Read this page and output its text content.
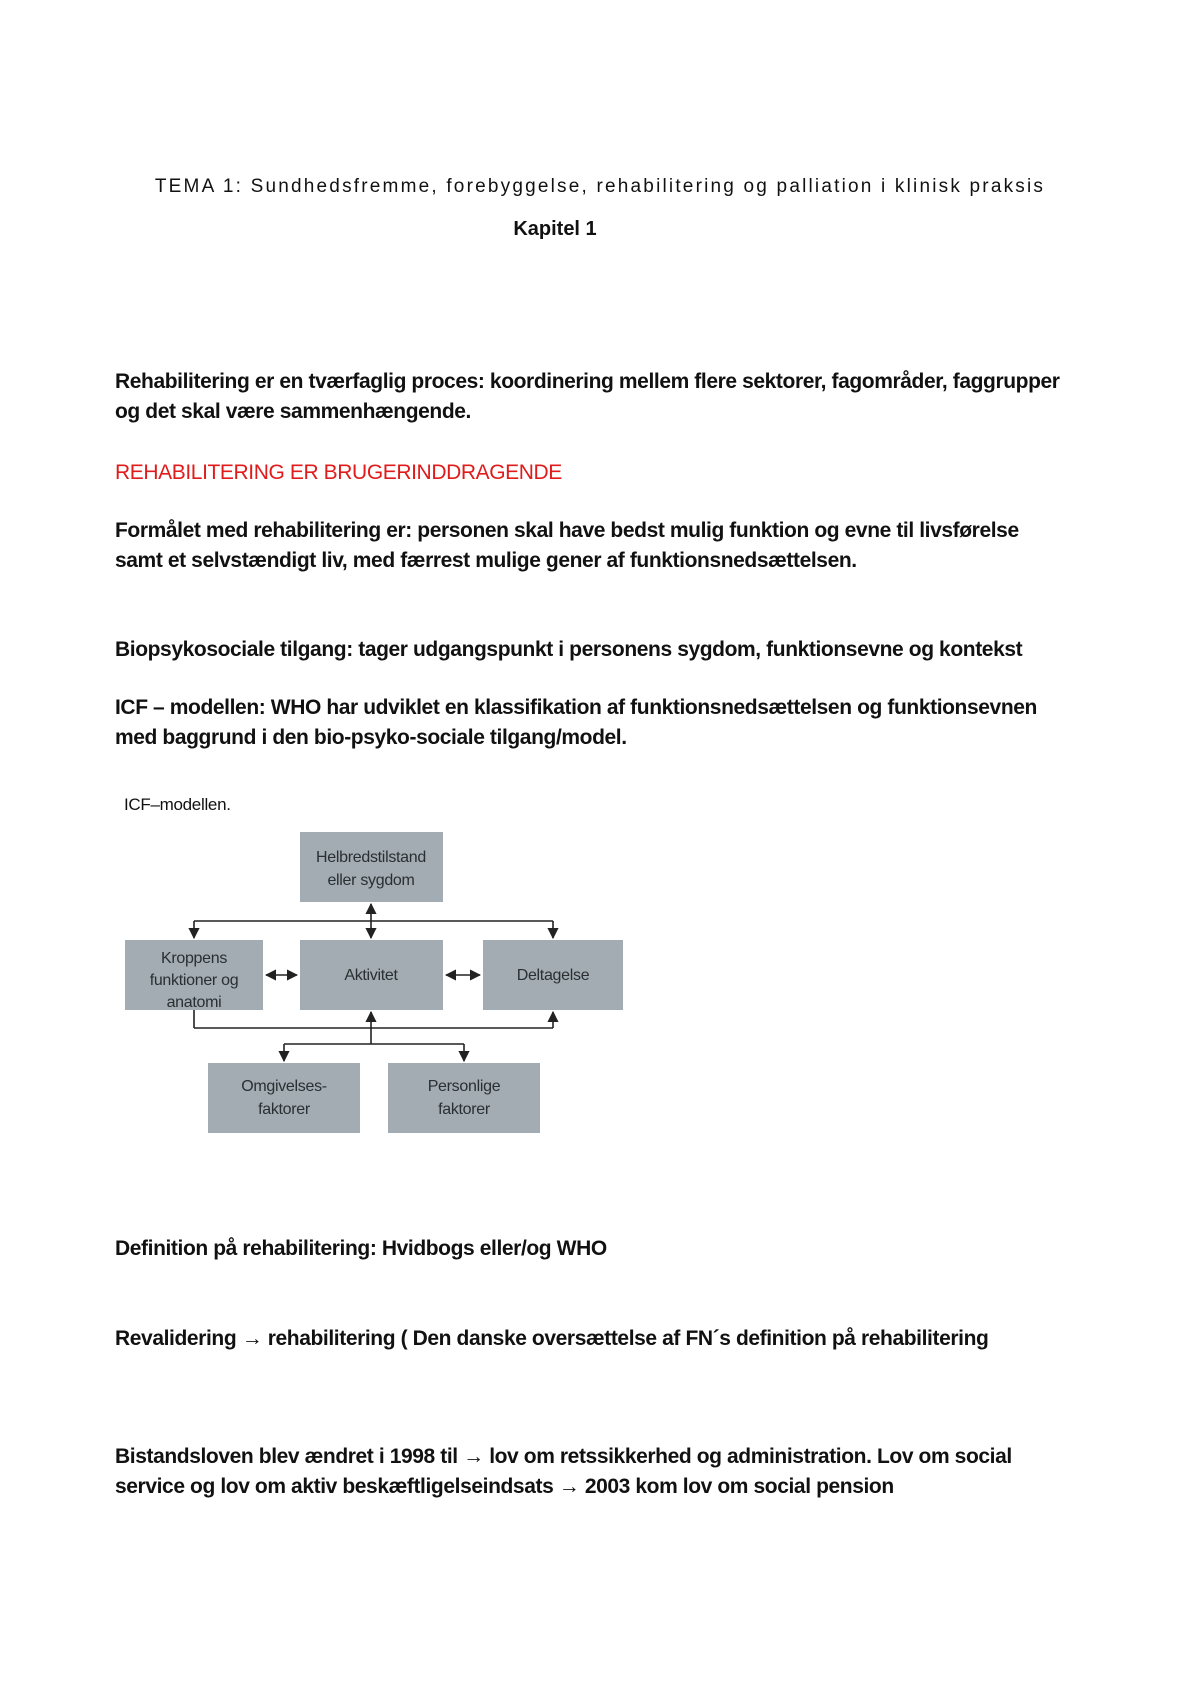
TEMA 1: Sundhedsfremme, forebyggelse, rehabilitering og palliation i klinisk praksis
Kapitel 1
Rehabilitering er en tværfaglig proces: koordinering mellem flere sektorer, fagområder, faggrupper
og det skal være sammenhængende.
REHABILITERING ER BRUGERINDDRAGENDE
Formålet med rehabilitering er: personen skal have bedst mulig funktion og evne til livsførelse
samt et selvstændigt liv, med færrest mulige gener af funktionsnedsættelsen.
Biopsykosociale tilgang: tager udgangspunkt i personens sygdom, funktionsevne og kontekst
ICF – modellen: WHO har udviklet en klassifikation af funktionsnedsættelsen og funktionsevnen
med baggrund i den bio-psyko-sociale tilgang/model.
ICF–modellen.
Helbredstilstand
eller sygdom
Kroppens
funktioner og
anatomi
Aktivitet	Deltagelse
Omgivelses-
faktorer
Personlige
faktorer
Definition på rehabilitering: Hvidbogs eller/og WHO
Revalidering → rehabilitering ( Den danske oversættelse af FN´s definition på rehabilitering
Bistandsloven blev ændret i 1998 til → lov om retssikkerhed og administration. Lov om social
service og lov om aktiv beskæftligelseindsats → 2003 kom lov om social pension
